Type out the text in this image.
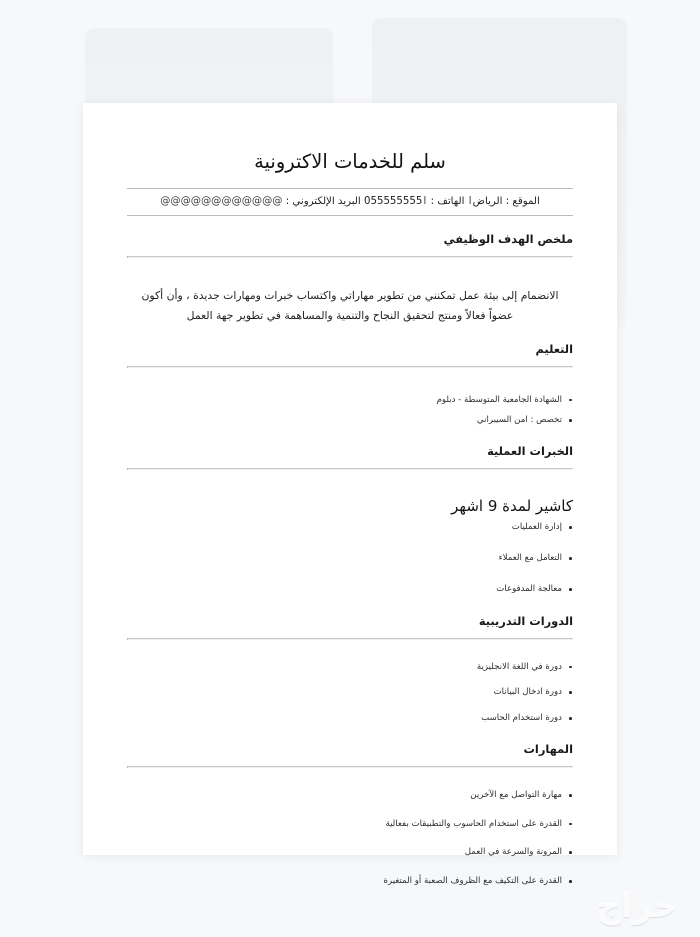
سلم للخدمات الاكترونية
الموقع : الرياضI الهاتف : 055555555I البريد الإلكتروني : @@@@@@@@@@@@
ملخص الهدف الوظيفي

الانضمام إلى بيئة عمل تمكنني من تطوير مهاراتي واكتساب خبرات ومهارات جديدة ، وأن أكون عضواً فعالاً ومنتج لتحقيق النجاح والتنمية والمساهمة في تطوير جهة العمل

التعليم
الشهادة الجامعية المتوسطة - دبلوم
تخصص : امن السيبراني
الخبرات العملية
كاشير لمدة 9 اشهر
إدارة العمليات
التعامل مع العملاء
معالجة المدفوعات
الدورات التدريبية
دورة في اللغة الانجليزية
دورة ادخال البيانات
دورة استخدام الحاسب
المهارات
مهارة التواصل مع الآخرين
القدرة على استخدام الحاسوب والتطبيقات بفعالية
المرونة والسرعة في العمل
القدرة على التكيف مع الظروف الصعبة أو المتغيرة
حراج
